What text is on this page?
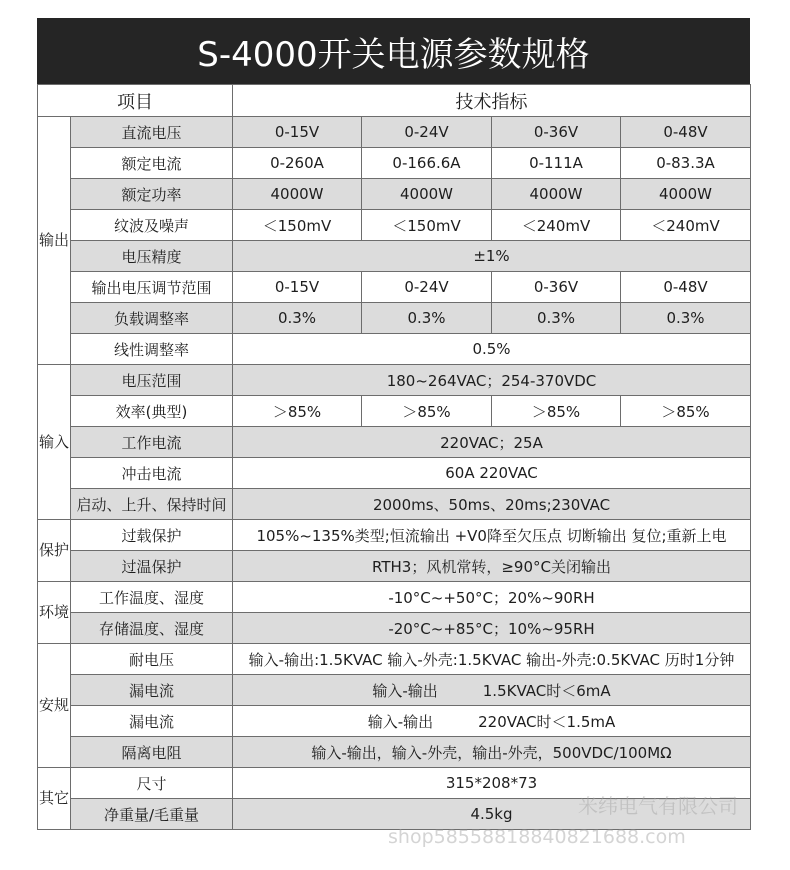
S-4000开关电源参数规格
项目		技术指标			
输出	直流电压	0-15V	0-24V	0-36V	0-48V
	额定电流	0-260A	0-166.6A	0-111A	0-83.3A
	额定功率	4000W	4000W	4000W	4000W
	纹波及噪声	＜150mV	＜150mV	＜240mV	＜240mV
	电压精度	±1%			
	输出电压调节范围	0-15V	0-24V	0-36V	0-48V
	负载调整率	0.3%	0.3%	0.3%	0.3%
	线性调整率	0.5%			
输入	电压范围	180~264VAC；254-370VDC			
	效率(典型)	＞85%	＞85%	＞85%	＞85%
	工作电流	220VAC；25A			
	冲击电流	60A 220VAC			
	启动、上升、保持时间	2000ms、50ms、20ms;230VAC			
保护	过载保护	105%~135%类型;恒流输出 +V0降至欠压点 切断输出 复位;重新上电			
	过温保护	RTH3；风机常转，≥90°C关闭输出			
环境	工作温度、湿度	-10°C~+50°C；20%~90RH			
	存储温度、湿度	-20°C~+85°C；10%~95RH			
安规	耐电压	输入-输出:1.5KVAC 输入-外壳:1.5KVAC 输出-外壳:0.5KVAC 历时1分钟			
	漏电流	输入-输出　　　1.5KVAC时＜6mA			
	漏电流	输入-输出　　　220VAC时＜1.5mA			
	隔离电阻	输入-输出，输入-外壳，输出-外壳，500VDC/100MΩ			
其它	尺寸	315*208*73			
	净重量/毛重量	4.5kg				米纬电气有限公司
shop58558818840821688.com
